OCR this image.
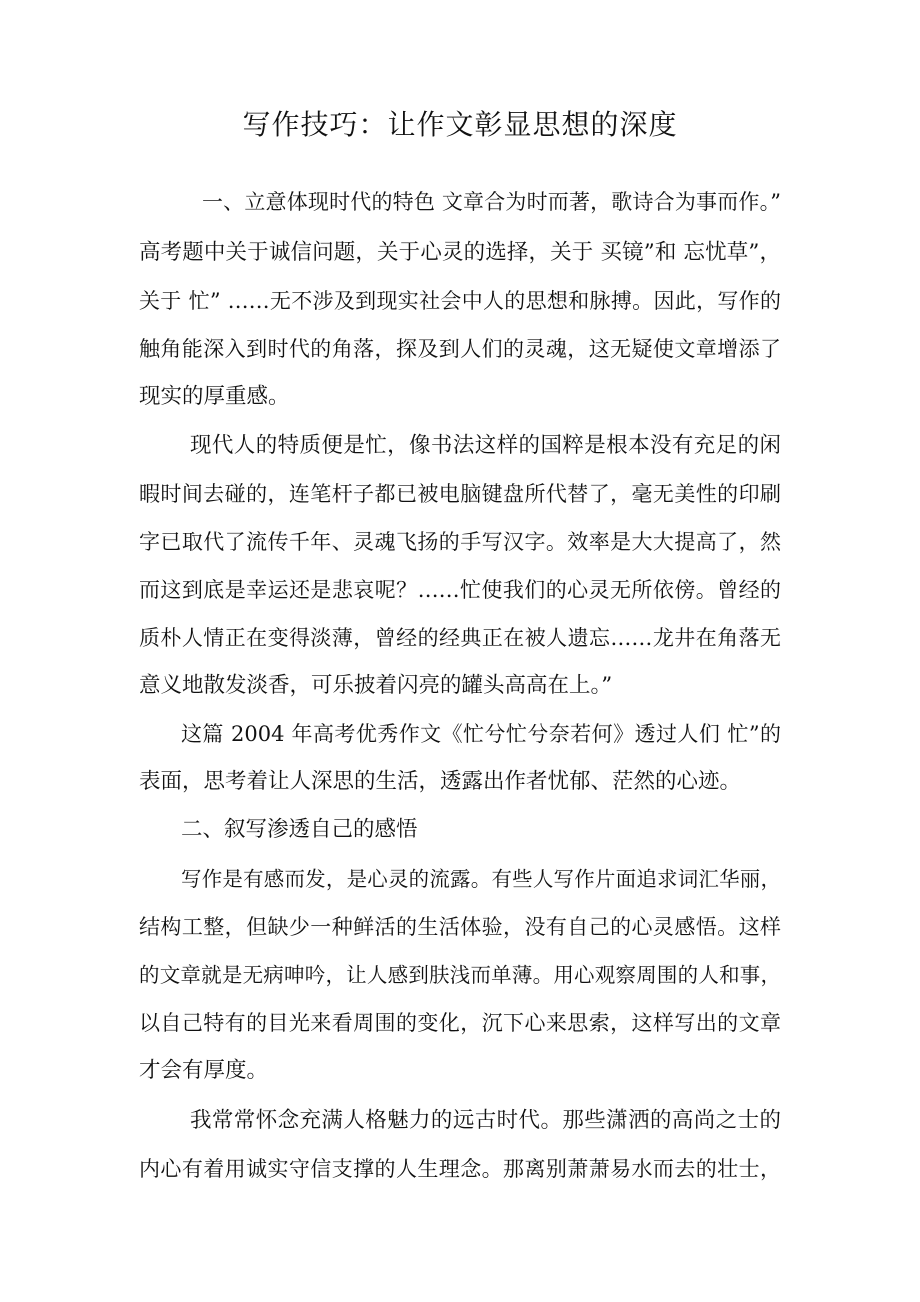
写作技巧：让作文彰显思想的深度
一、立意体现时代的特色 文章合为时而著，歌诗合为事而作。”
高考题中关于诚信问题，关于心灵的选择，关于 买镜”和 忘忧草”，
关于 忙” ……无不涉及到现实社会中人的思想和脉搏。因此，写作的
触角能深入到时代的角落，探及到人们的灵魂，这无疑使文章增添了
现实的厚重感。
现代人的特质便是忙，像书法这样的国粹是根本没有充足的闲
暇时间去碰的，连笔杆子都已被电脑键盘所代替了，毫无美性的印刷
字已取代了流传千年、灵魂飞扬的手写汉字。效率是大大提高了，然
而这到底是幸运还是悲哀呢？……忙使我们的心灵无所依傍。曾经的
质朴人情正在变得淡薄，曾经的经典正在被人遗忘……龙井在角落无
意义地散发淡香，可乐披着闪亮的罐头高高在上。”
这篇 2004 年高考优秀作文《忙兮忙兮奈若何》透过人们 忙”的
表面，思考着让人深思的生活，透露出作者忧郁、茫然的心迹。
二、叙写渗透自己的感悟
写作是有感而发，是心灵的流露。有些人写作片面追求词汇华丽，
结构工整，但缺少一种鲜活的生活体验，没有自己的心灵感悟。这样
的文章就是无病呻吟，让人感到肤浅而单薄。用心观察周围的人和事，
以自己特有的目光来看周围的变化，沉下心来思索，这样写出的文章
才会有厚度。
我常常怀念充满人格魅力的远古时代。那些潇洒的高尚之士的
内心有着用诚实守信支撑的人生理念。那离别萧萧易水而去的壮士，
